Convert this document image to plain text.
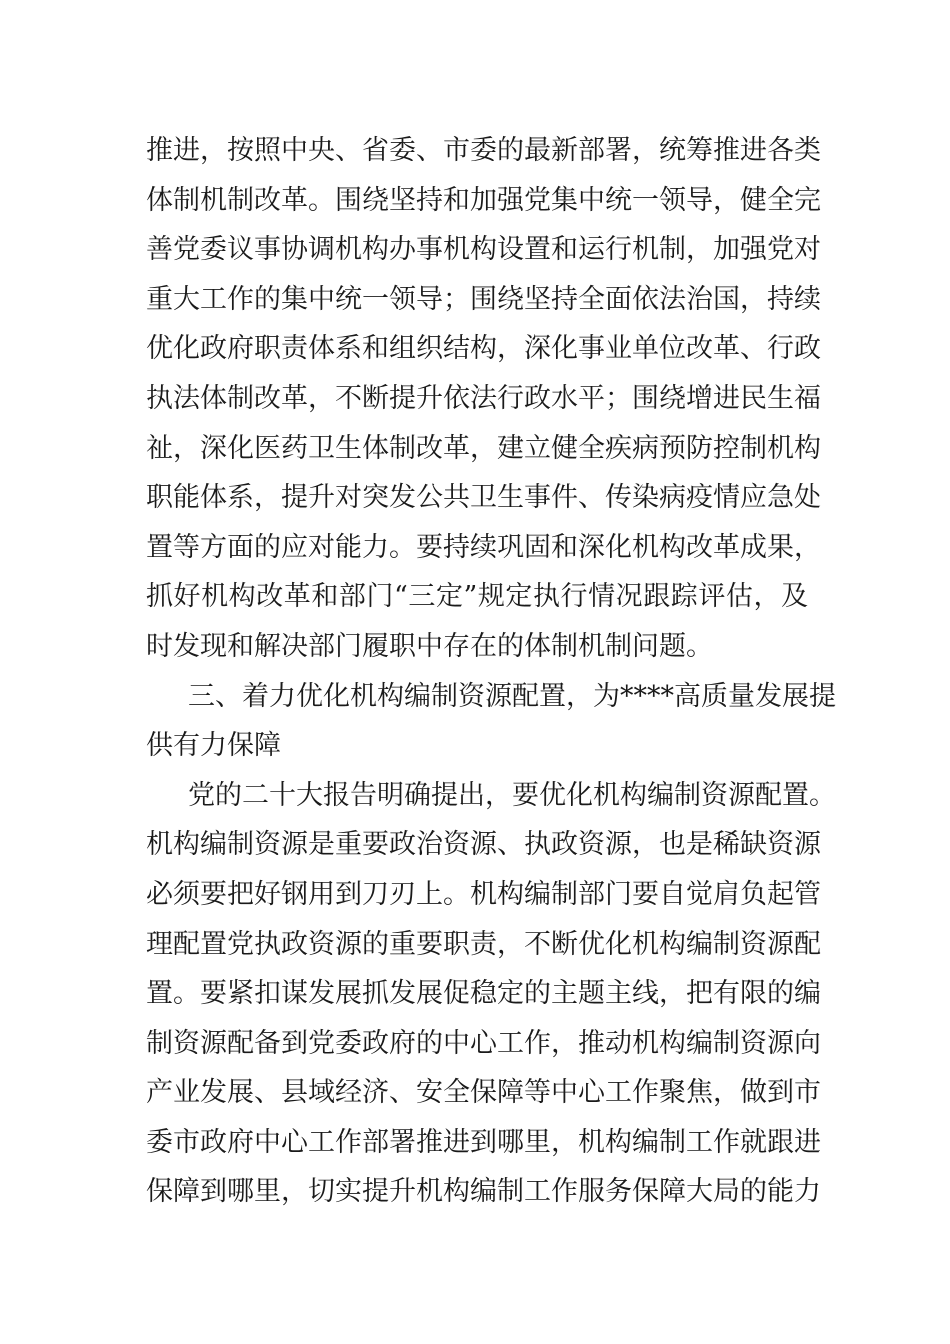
推进，按照中央、省委、市委的最新部署，统筹推进各类
体制机制改革。围绕坚持和加强党集中统一领导，健全完
善党委议事协调机构办事机构设置和运行机制，加强党对
重大工作的集中统一领导；围绕坚持全面依法治国，持续
优化政府职责体系和组织结构，深化事业单位改革、行政
执法体制改革，不断提升依法行政水平；围绕增进民生福
祉，深化医药卫生体制改革，建立健全疾病预防控制机构
职能体系，提升对突发公共卫生事件、传染病疫情应急处
置等方面的应对能力。要持续巩固和深化机构改革成果，
抓好机构改革和部门“三定”规定执行情况跟踪评估，及
时发现和解决部门履职中存在的体制机制问题。
三、着力优化机构编制资源配置，为****高质量发展提
供有力保障
党的二十大报告明确提出，要优化机构编制资源配置。
机构编制资源是重要政治资源、执政资源，也是稀缺资源
必须要把好钢用到刀刃上。机构编制部门要自觉肩负起管
理配置党执政资源的重要职责，不断优化机构编制资源配
置。要紧扣谋发展抓发展促稳定的主题主线，把有限的编
制资源配备到党委政府的中心工作，推动机构编制资源向
产业发展、县域经济、安全保障等中心工作聚焦，做到市
委市政府中心工作部署推进到哪里，机构编制工作就跟进
保障到哪里，切实提升机构编制工作服务保障大局的能力
